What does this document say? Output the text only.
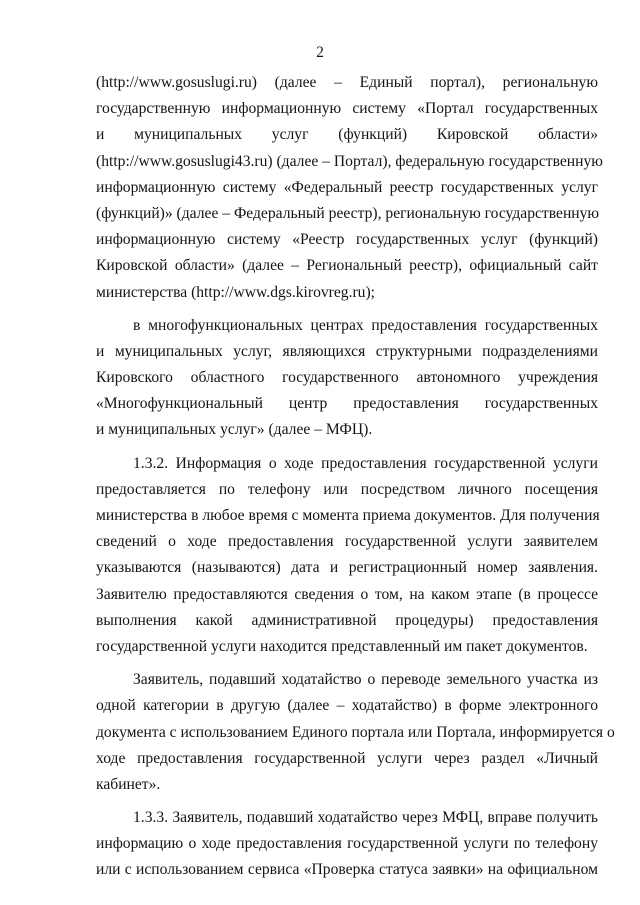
2
(http://www.gosuslugi.ru) (далее – Единый портал), региональную
государственную информационную систему «Портал государственных
и муниципальных услуг (функций) Кировской области»
(http://www.gosuslugi43.ru) (далее – Портал), федеральную государственную
информационную систему «Федеральный реестр государственных услуг
(функций)» (далее – Федеральный реестр), региональную государственную
информационную систему «Реестр государственных услуг (функций)
Кировской области» (далее – Региональный реестр), официальный сайт
министерства (http://www.dgs.kirovreg.ru);
в многофункциональных центрах предоставления государственных
и муниципальных услуг, являющихся структурными подразделениями
Кировского областного государственного автономного учреждения
«Многофункциональный центр предоставления государственных
и муниципальных услуг» (далее – МФЦ).
1.3.2. Информация о ходе предоставления государственной услуги
предоставляется по телефону или посредством личного посещения
министерства в любое время с момента приема документов. Для получения
сведений о ходе предоставления государственной услуги заявителем
указываются (называются) дата и регистрационный номер заявления.
Заявителю предоставляются сведения о том, на каком этапе (в процессе
выполнения какой административной процедуры) предоставления
государственной услуги находится представленный им пакет документов.
Заявитель, подавший ходатайство о переводе земельного участка из
одной категории в другую (далее – ходатайство) в форме электронного
документа с использованием Единого портала или Портала, информируется о
ходе предоставления государственной услуги через раздел «Личный
кабинет».
1.3.3. Заявитель, подавший ходатайство через МФЦ, вправе получить
информацию о ходе предоставления государственной услуги по телефону
или с использованием сервиса «Проверка статуса заявки» на официальном
